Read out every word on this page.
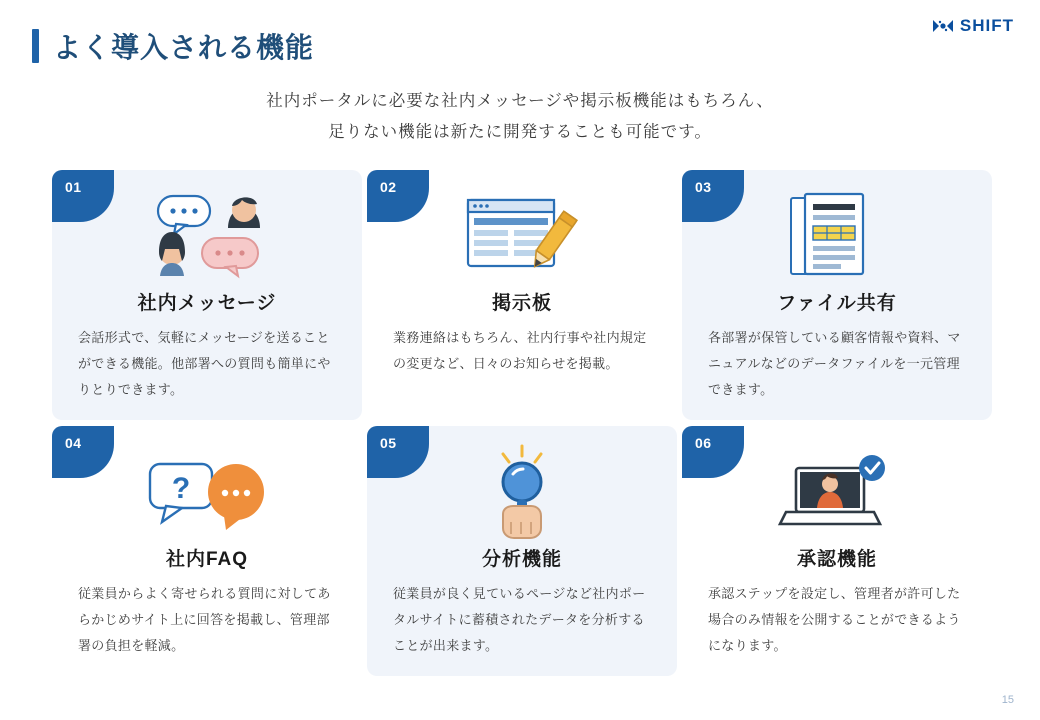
SHIFT
よく導入される機能
社内ポータルに必要な社内メッセージや掲示板機能はもちろん、
足りない機能は新たに開発することも可能です。
01
社内メッセージ
会話形式で、気軽にメッセージを送ることができる機能。他部署への質問も簡単にやりとりできます。
02
掲示板
業務連絡はもちろん、社内行事や社内規定の変更など、日々のお知らせを掲載。
03
ファイル共有
各部署が保管している顧客情報や資料、マニュアルなどのデータファイルを一元管理できます。
04
?
社内FAQ
従業員からよく寄せられる質問に対してあらかじめサイト上に回答を掲載し、管理部署の負担を軽減。
05
分析機能
従業員が良く見ているページなど社内ポータルサイトに蓄積されたデータを分析することが出来ます。
06
承認機能
承認ステップを設定し、管理者が許可した場合のみ情報を公開することができるようになります。
15
